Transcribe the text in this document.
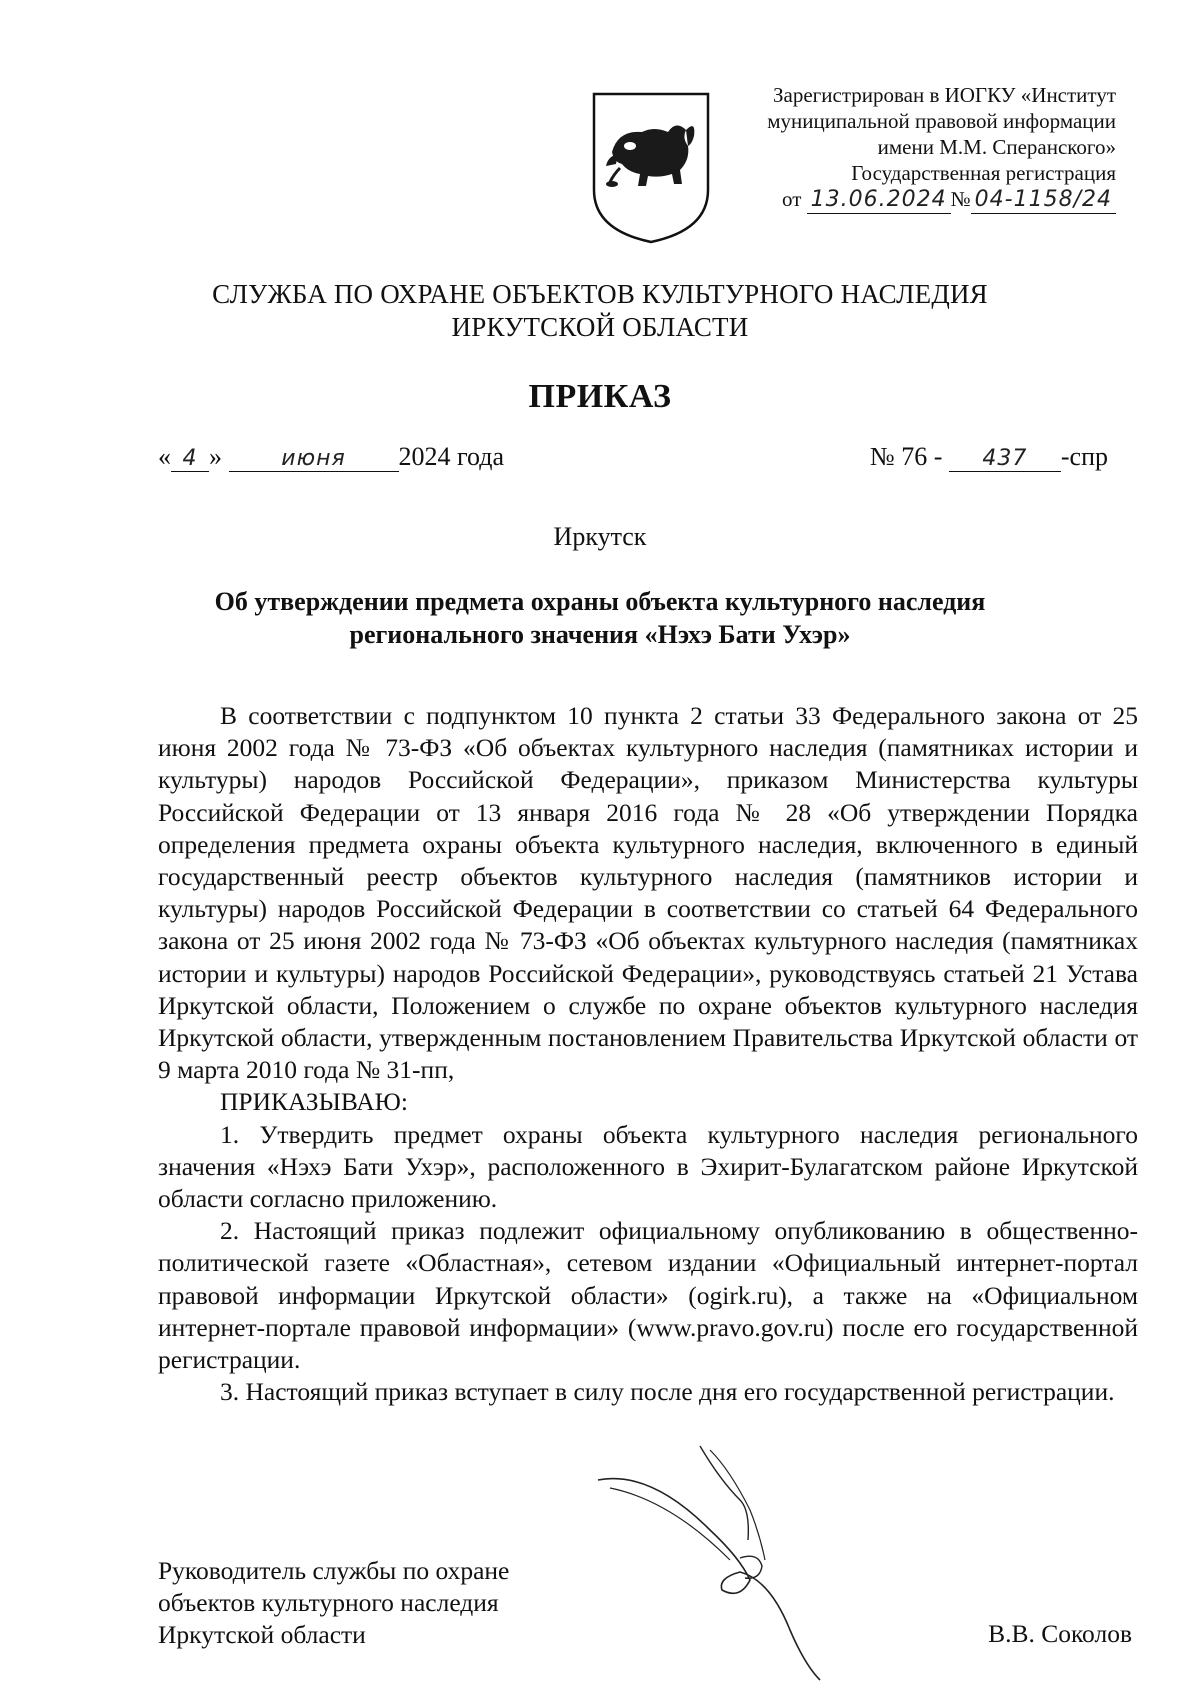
Зарегистрирован в ИОГКУ «Институт
муниципальной правовой информации
имени М.М. Сперанского»
Государственная регистрация
от 13.06.2024 № 04-1158/24
СЛУЖБА ПО ОХРАНЕ ОБЪЕКТОВ КУЛЬТУРНОГО НАСЛЕДИЯ
ИРКУТСКОЙ ОБЛАСТИ
ПРИКАЗ
« 4 »	июня 2024 года	№ 76 - 437 -спр
Иркутск
Об утверждении предмета охраны объекта культурного наследия
регионального значения «Нэхэ Бати Ухэр»

В соответствии с подпунктом 10 пункта 2 статьи 33 Федерального закона от 25 июня 2002 года № 73-ФЗ «Об объектах культурного наследия (памятниках истории и культуры) народов Российской Федерации», приказом Министерства культуры Российской Федерации от 13 января 2016 года № 28 «Об утверждении Порядка определения предмета охраны объекта культурного наследия, включенного в единый государственный реестр объектов культурного наследия (памятников истории и культуры) народов Российской Федерации в соответствии со статьей 64 Федерального закона от 25 июня 2002 года № 73-ФЗ «Об объектах культурного наследия (памятниках истории и культуры) народов Российской Федерации», руководствуясь статьей 21 Устава Иркутской области, Положением о службе по охране объектов культурного наследия Иркутской области, утвержденным постановлением Правительства Иркутской области от 9 марта 2010 года № 31-пп,

ПРИКАЗЫВАЮ:

1. Утвердить предмет охраны объекта культурного наследия регионального значения «Нэхэ Бати Ухэр», расположенного в Эхирит-Булагатском районе Иркутской области согласно приложению.

2. Настоящий приказ подлежит официальному опубликованию в общественно-политической газете «Областная», сетевом издании «Официальный интернет-портал правовой информации Иркутской области» (ogirk.ru), а также на «Официальном интернет-портале правовой информации» (www.pravo.gov.ru) после его государственной регистрации.

3. Настоящий приказ вступает в силу после дня его государственной регистрации.

Руководитель службы по охране
объектов культурного наследия
Иркутской области	В.В. Соколов
